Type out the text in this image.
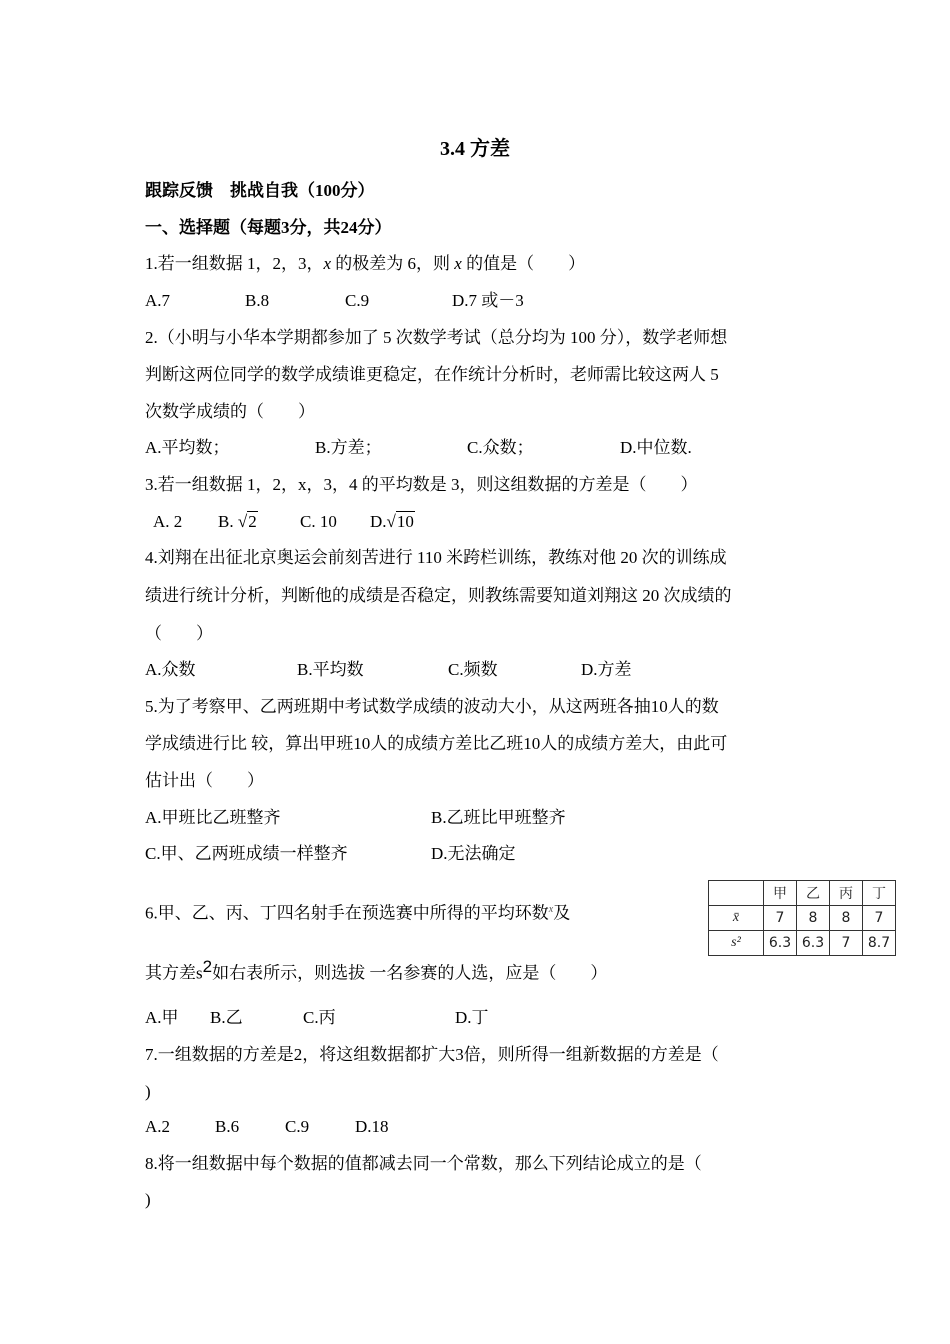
3.4 方差
跟踪反馈　挑战自我（100分）
一、选择题（每题3分，共24分）
1.若一组数据 1，2，3，x 的极差为 6，则 x 的值是（　　）
A.7	B.8	C.9	D.7 或－3
2.（小明与小华本学期都参加了 5 次数学考试（总分均为 100 分），数学老师想
判断这两位同学的数学成绩谁更稳定，在作统计分析时，老师需比较这两人 5
次数学成绩的（　　）
A.平均数；	B.方差；	C.众数；	D.中位数.
3.若一组数据 1，2，x，3，4 的平均数是 3，则这组数据的方差是（　　）
A. 2 B. √2	C. 10 D.√10
4.刘翔在出征北京奥运会前刻苦进行 110 米跨栏训练，教练对他 20 次的训练成
绩进行统计分析，判断他的成绩是否稳定，则教练需要知道刘翔这 20 次成绩的
（　　）
A.众数	B.平均数	C.频数	D.方差
5.为了考察甲、乙两班期中考试数学成绩的波动大小，从这两班各抽10人的数
学成绩进行比 较，算出甲班10人的成绩方差比乙班10人的成绩方差大，由此可
估计出（　　）
A.甲班比乙班整齐	B.乙班比甲班整齐
C.甲、乙两班成绩一样整齐	D.无法确定
6.甲、乙、丙、丁四名射手在预选赛中所得的平均环数$^x$及
其方差$s^2$如右表所示，则选拔 一名参赛的人选，应是（　　）
	甲	乙	丙	丁
x̄	7	8	8	7
s²	6.3	6.3	7	8.7
A.甲 B.乙	C.丙	D.丁
7.一组数据的方差是2，将这组数据都扩大3倍，则所得一组新数据的方差是（
)
A.2	B.6	C.9	D.18
8.将一组数据中每个数据的值都减去同一个常数，那么下列结论成立的是（
)
